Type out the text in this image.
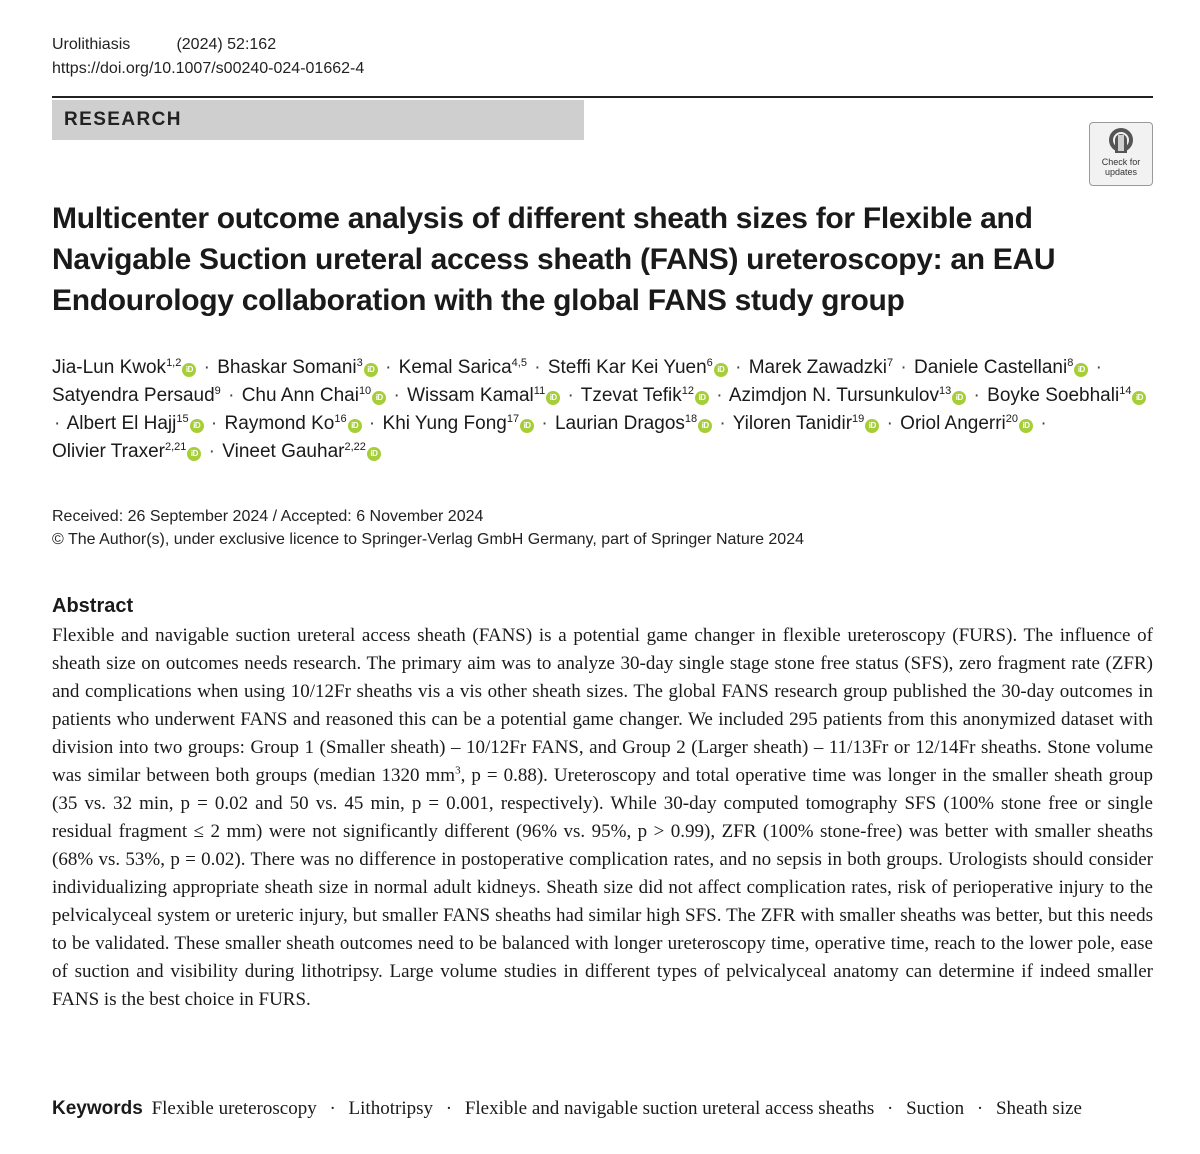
Urolithiasis	(2024) 52:162
https://doi.org/10.1007/s00240-024-01662-4
RESEARCH
Check for
updates
Multicenter outcome analysis of different sheath sizes for Flexible and Navigable Suction ureteral access sheath (FANS) ureteroscopy: an EAU Endourology collaboration with the global FANS study group
Jia-Lun Kwok$^{1,2}$iD · Bhaskar Somani$^3$iD · Kemal Sarica$^{4,5}$ · Steffi Kar Kei Yuen$^6$iD · Marek Zawadzki$^7$ · Daniele Castellani$^8$iD · Satyendra Persaud$^9$ · Chu Ann Chai$^{10}$iD · Wissam Kamal$^{11}$iD · Tzevat Tefik$^{12}$iD · Azimdjon N. Tursunkulov$^{13}$iD · Boyke Soebhali$^{14}$iD · Albert El Hajj$^{15}$iD · Raymond $Ko^{16}iD$ · Khi Yung Fong$^{17}$iD · Laurian Dragos$^{18}$iD · Yiloren Tanidir$^{19}$iD · Oriol Angerri$^{20}$iD · Olivier Traxer$^{2,21}$iD · Vineet Gauhar$^{2,22}$iD
Received: 26 September 2024 / Accepted: 6 November 2024
© The Author(s), under exclusive licence to Springer-Verlag GmbH Germany, part of Springer Nature 2024
Abstract

Flexible and navigable suction ureteral access sheath (FANS) is a potential game changer in flexible ureteroscopy (FURS). The influence of sheath size on outcomes needs research. The primary aim was to analyze 30-day single stage stone free status (SFS), zero fragment rate (ZFR) and complications when using 10/12Fr sheaths vis a vis other sheath sizes. The global FANS research group published the 30-day outcomes in patients who underwent FANS and reasoned this can be a potential game changer. We included 295 patients from this anonymized dataset with division into two groups: Group 1 (Smaller sheath) – 10/12Fr FANS, and Group 2 (Larger sheath) – 11/13Fr or 12/14Fr sheaths. Stone volume was similar between both groups (median 1320 $mm^3$, p = 0.88). Ureteroscopy and total operative time was longer in the smaller sheath group (35 vs. 32 min, p = 0.02 and 50 vs. 45 min, p = 0.001, respectively). While 30-day computed tomography SFS (100% stone free or single residual fragment ≤ 2 mm) were not significantly different (96% vs. 95%, p > 0.99), ZFR (100% stone-free) was better with smaller sheaths (68% vs. 53%, p = 0.02). There was no difference in postoperative complication rates, and no sepsis in both groups. Urologists should consider individualizing appropriate sheath size in normal adult kidneys. Sheath size did not affect complication rates, risk of perioperative injury to the pelvicalyceal system or ureteric injury, but smaller FANS sheaths had similar high SFS. The ZFR with smaller sheaths was better, but this needs to be validated. These smaller sheath outcomes need to be balanced with longer ureteroscopy time, operative time, reach to the lower pole, ease of suction and visibility during lithotripsy. Large volume studies in different types of pelvicalyceal anatomy can determine if indeed smaller FANS is the best choice in FURS.

Keywords Flexible ureteroscopy · Lithotripsy · Flexible and navigable suction ureteral access sheaths · Suction · Sheath size
